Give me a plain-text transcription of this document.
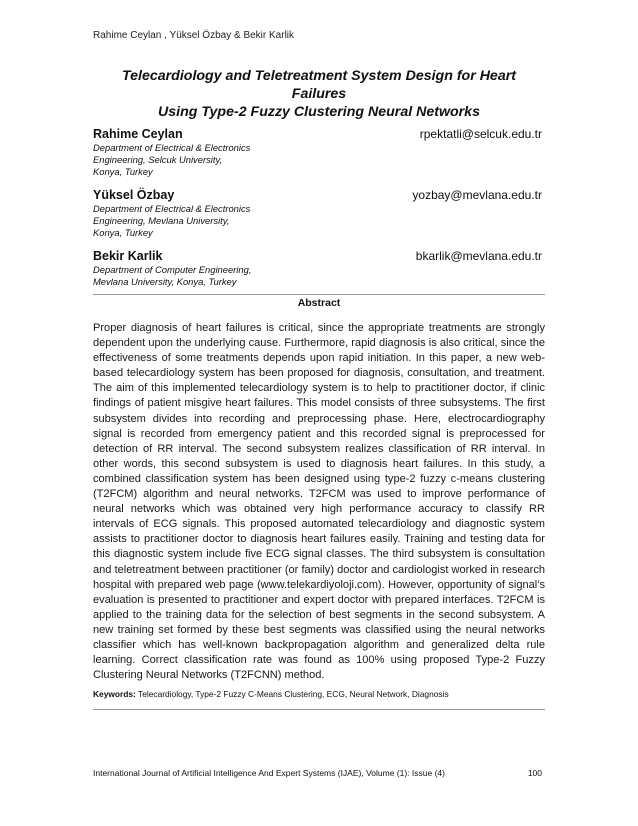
Rahime Ceylan , Yüksel Özbay & Bekir Karlik
Telecardiology and Teletreatment System Design for Heart Failures
Using Type-2 Fuzzy Clustering Neural Networks
Rahime Ceylan	rpektatli@selcuk.edu.tr
Department of Electrical & Electronics
Engineering, Selcuk University,
Konya, Turkey
Yüksel Özbay	yozbay@mevlana.edu.tr
Department of Electrical & Electronics
Engineering, Mevlana University,
Konya, Turkey
Bekir Karlik	bkarlik@mevlana.edu.tr
Department of Computer Engineering,
Mevlana University, Konya, Turkey
Abstract
Proper diagnosis of heart failures is critical, since the appropriate treatments are strongly dependent upon the underlying cause. Furthermore, rapid diagnosis is also critical, since the effectiveness of some treatments depends upon rapid initiation. In this paper, a new web-based telecardiology system has been proposed for diagnosis, consultation, and treatment. The aim of this implemented telecardiology system is to help to practitioner doctor, if clinic findings of patient misgive heart failures. This model consists of three subsystems. The first subsystem divides into recording and preprocessing phase. Here, electrocardiography signal is recorded from emergency patient and this recorded signal is preprocessed for detection of RR interval. The second subsystem realizes classification of RR interval. In other words, this second subsystem is used to diagnosis heart failures. In this study, a combined classification system has been designed using type-2 fuzzy c-means clustering (T2FCM) algorithm and neural networks. T2FCM was used to improve performance of neural networks which was obtained very high performance accuracy to classify RR intervals of ECG signals. This proposed automated telecardiology and diagnostic system assists to practitioner doctor to diagnosis heart failures easily. Training and testing data for this diagnostic system include five ECG signal classes. The third subsystem is consultation and teletreatment between practitioner (or family) doctor and cardiologist worked in research hospital with prepared web page (www.telekardiyoloji.com). However, opportunity of signal’s evaluation is presented to practitioner and expert doctor with prepared interfaces. T2FCM is applied to the training data for the selection of best segments in the second subsystem. A new training set formed by these best segments was classified using the neural networks classifier which has well-known backpropagation algorithm and generalized delta rule learning. Correct classification rate was found as 100% using proposed Type-2 Fuzzy Clustering Neural Networks (T2FCNN) method.
Keywords: Telecardiology, Type-2 Fuzzy C-Means Clustering, ECG, Neural Network, Diagnosis
International Journal of Artificial Intelligence And Expert Systems (IJAE), Volume (1): Issue (4)	100
